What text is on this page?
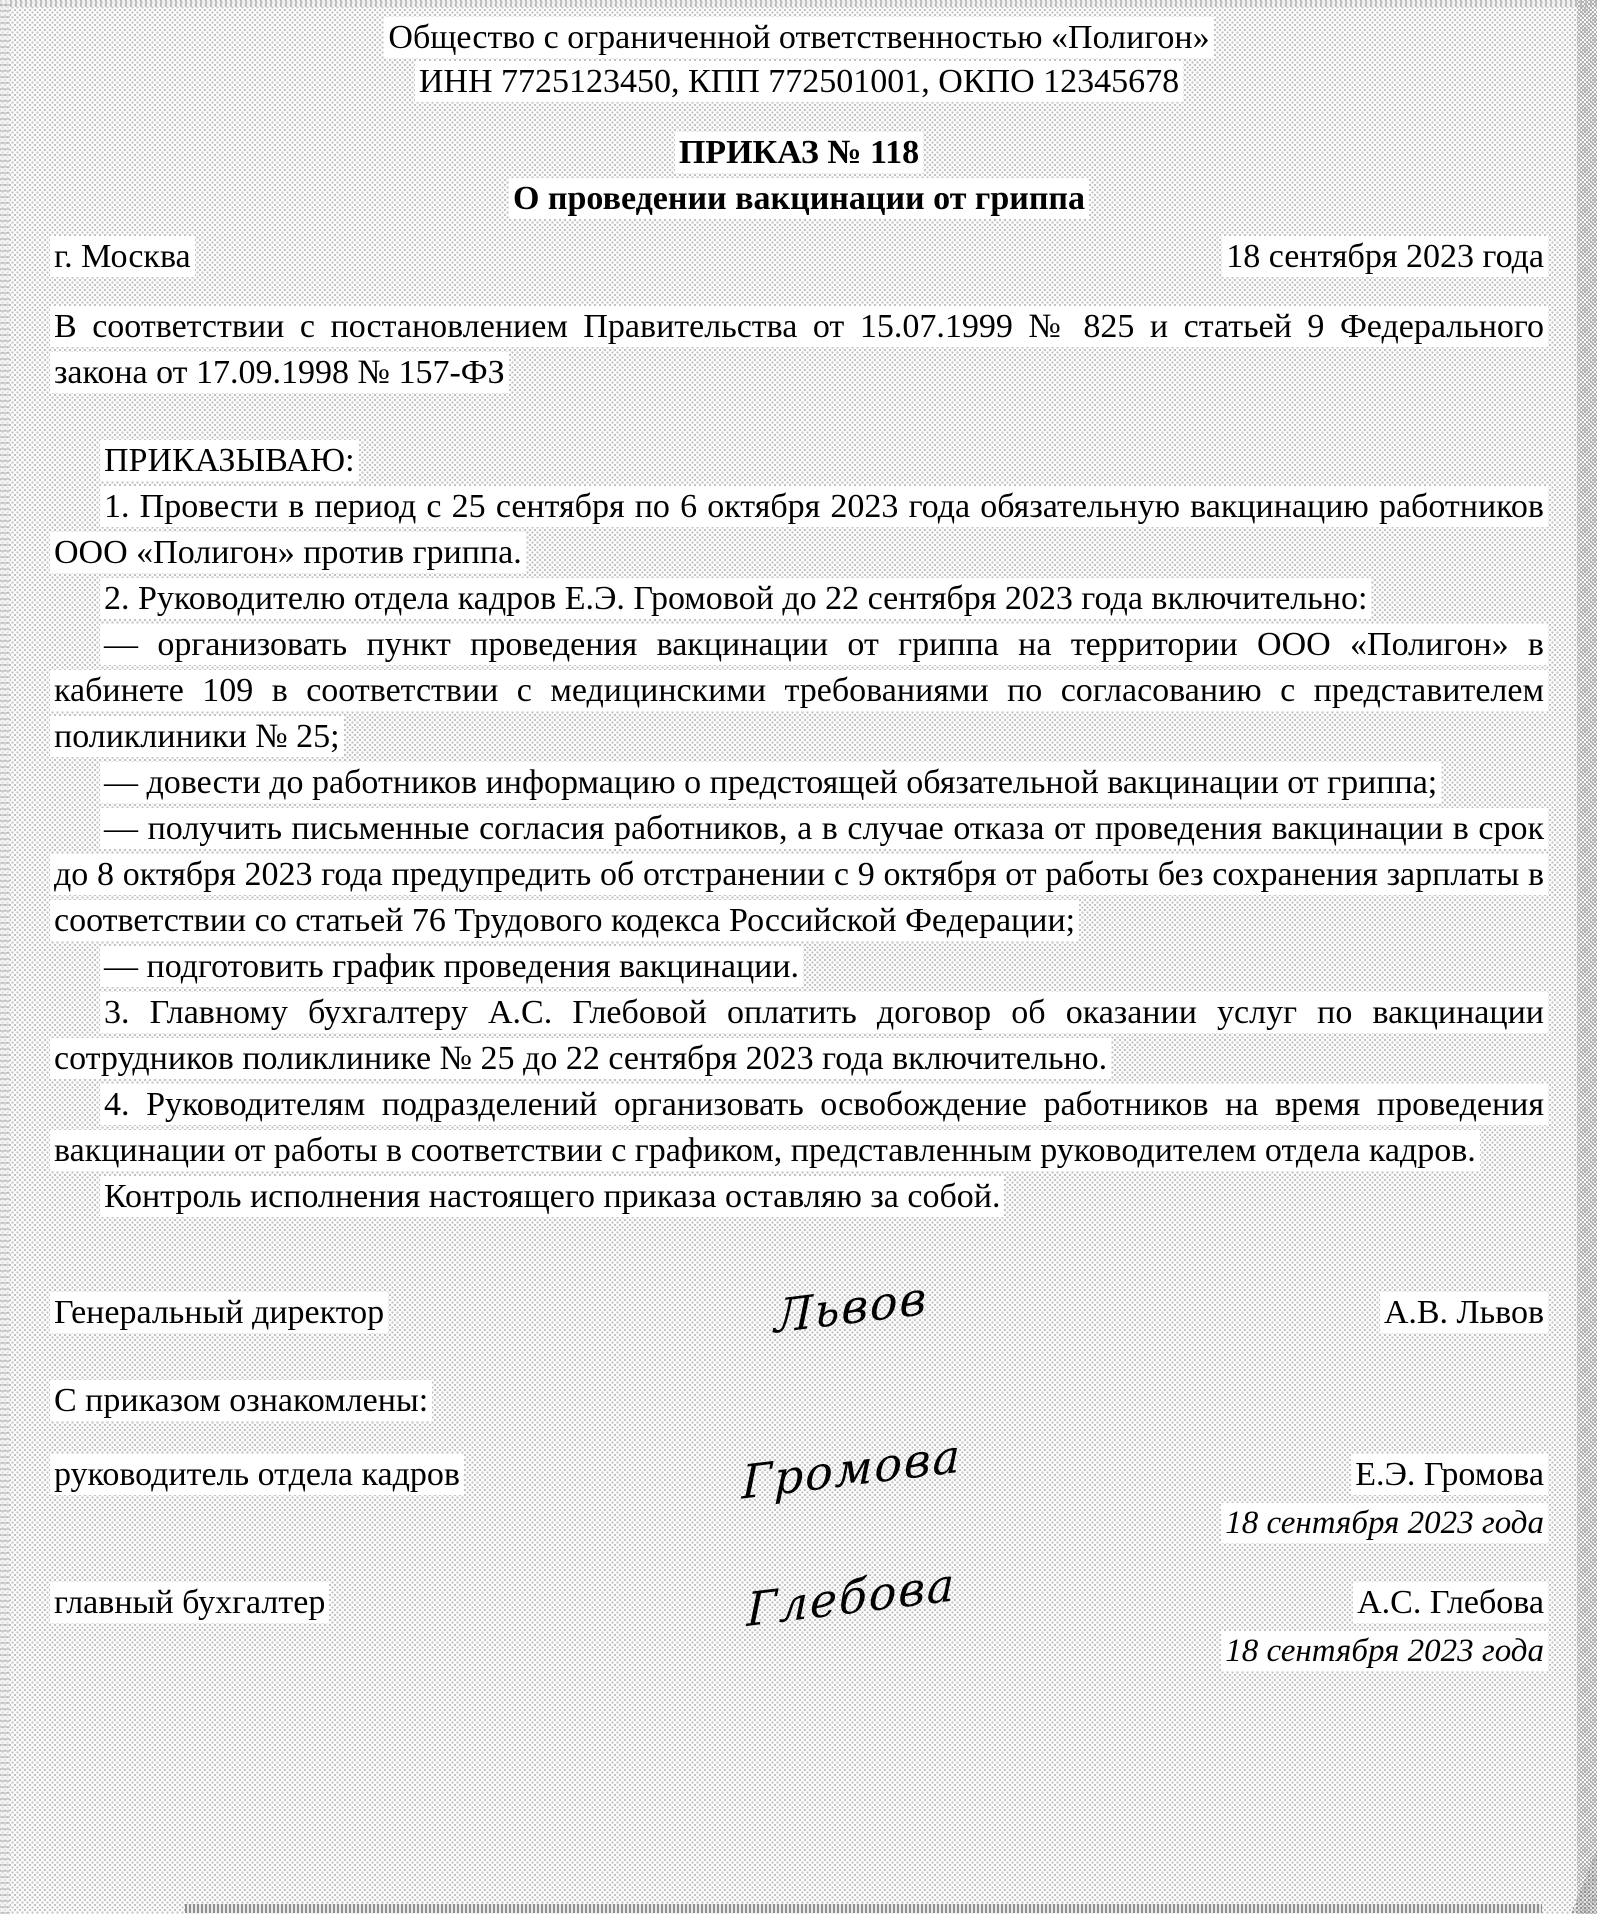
Общество с ограниченной ответственностью «Полигон»
ИНН 7725123450, КПП 772501001, ОКПО 12345678
ПРИКАЗ № 118
О проведении вакцинации от гриппа
г. Москва	18 сентября 2023 года

В соответствии с постановлением Правительства от 15.07.1999 № 825 и статьей 9 Федерального закона от 17.09.1998 № 157-ФЗ

ПРИКАЗЫВАЮ:

1. Провести в период с 25 сентября по 6 октября 2023 года обязательную вакцинацию работников ООО «Полигон» против гриппа.

2. Руководителю отдела кадров Е.Э. Громовой до 22 сентября 2023 года включительно:

— организовать пункт проведения вакцинации от гриппа на территории ООО «Полигон» в кабинете 109 в соответствии с медицинскими требованиями по согласованию с представителем поликлиники № 25;

— довести до работников информацию о предстоящей обязательной вакцинации от гриппа;

— получить письменные согласия работников, а в случае отказа от проведения вакцинации в срок до 8 октября 2023 года предупредить об отстранении с 9 октября от работы без сохранения зарплаты в соответствии со статьей 76 Трудового кодекса Российской Федерации;

— подготовить график проведения вакцинации.

3. Главному бухгалтеру А.С. Глебовой оплатить договор об оказании услуг по вакцинации сотрудников поликлинике № 25 до 22 сентября 2023 года включительно.

4. Руководителям подразделений организовать освобождение работников на время проведения вакцинации от работы в соответствии с графиком, представленным руководителем отдела кадров.

Контроль исполнения настоящего приказа оставляю за собой.

Генеральный директор	Львов	А.В. Львов

С приказом ознакомлены:

руководитель отдела кадров	Громова	Е.Э. Громова
18 сентября 2023 года
главный бухгалтер	Глебова	А.С. Глебова
18 сентября 2023 года
